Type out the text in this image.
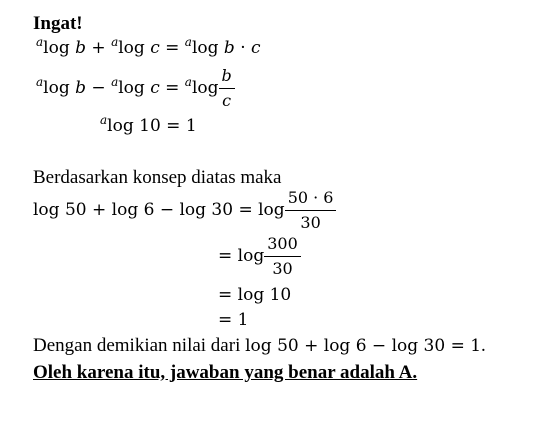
Ingat!
$^a$log b + $^a$log c = $^a$log b · c
$^a$log b − $^a$log $c = ^a\log \frac{b}{c}$
$^a$log 10 = 1
Berdasarkan konsep diatas maka
$\log 50 + \log 6 - \log 30 = \log \frac{50 \cdot 6}{30}$
= $\log \frac{300}{30}$
= log 10
= 1
Dengan demikian nilai dari log 50 + log 6 − log 30 = 1.
Oleh karena itu, jawaban yang benar adalah A.
